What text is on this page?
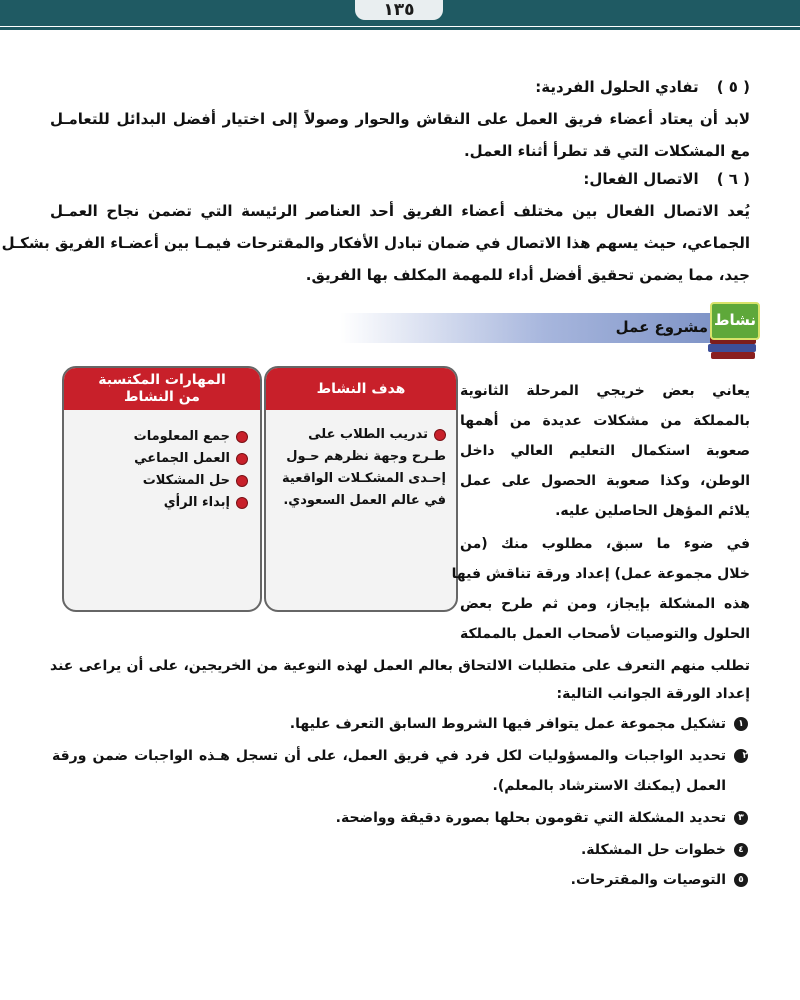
١٣٥
( ٥ )تفادي الحلول الفردية:
لابد أن يعتاد أعضاء فريق العمل على النقاش والحوار وصولاً إلى اختيار أفضل البدائل للتعامـل
مع المشكلات التي قد تطرأ أثناء العمل.
( ٦ )الاتصال الفعال:
يُعد الاتصال الفعال بين مختلف أعضاء الفريق أحد العناصر الرئيسة التي تضمن نجاح العمـل
الجماعي، حيث يسهم هذا الاتصال في ضمان تبادل الأفكار والمقترحات فيمـا بين أعضـاء الفريق بشكـل
جيد، مما يضمن تحقيق أفضل أداء للمهمة المكلف بها الفريق.
مشروع عمل نشاط
هدف النشاط
تدريب الطلاب على طـرح وجهة نظرهم حـول إحـدى المشكـلات الواقعية في عالم العمل السعودي.
المهارات المكتسبة
من النشاط
جمع المعلومات
العمل الجماعي
حل المشكلات
إبداء الرأي
يعاني بعض خريجي المرحلة الثانوية
بالمملكة من مشكلات عديدة من أهمها
صعوبة استكمال التعليم العالي داخل
الوطن، وكذا صعوبة الحصول على عمل
يلائم المؤهل الحاصلين عليه.
في ضوء ما سبق، مطلوب منك (من
خلال مجموعة عمل) إعداد ورقة تناقش فيها
هذه المشكلة بإيجاز، ومن ثم طرح بعض
الحلول والتوصيات لأصحاب العمل بالمملكة
تطلب منهم التعرف على متطلبات الالتحاق بعالم العمل لهذه النوعية من الخريجين، على أن يراعى عند
إعداد الورقة الجوانب التالية:
١تشكيل مجموعة عمل يتوافر فيها الشروط السابق التعرف عليها.
٢تحديد الواجبات والمسؤوليات لكل فرد في فريق العمل، على أن تسجل هـذه الواجبات ضمن ورقة
العمل (يمكنك الاسترشاد بالمعلم).
٣تحديد المشكلة التي تقومون بحلها بصورة دقيقة وواضحة.
٤خطوات حل المشكلة.
٥التوصيات والمقترحات.
